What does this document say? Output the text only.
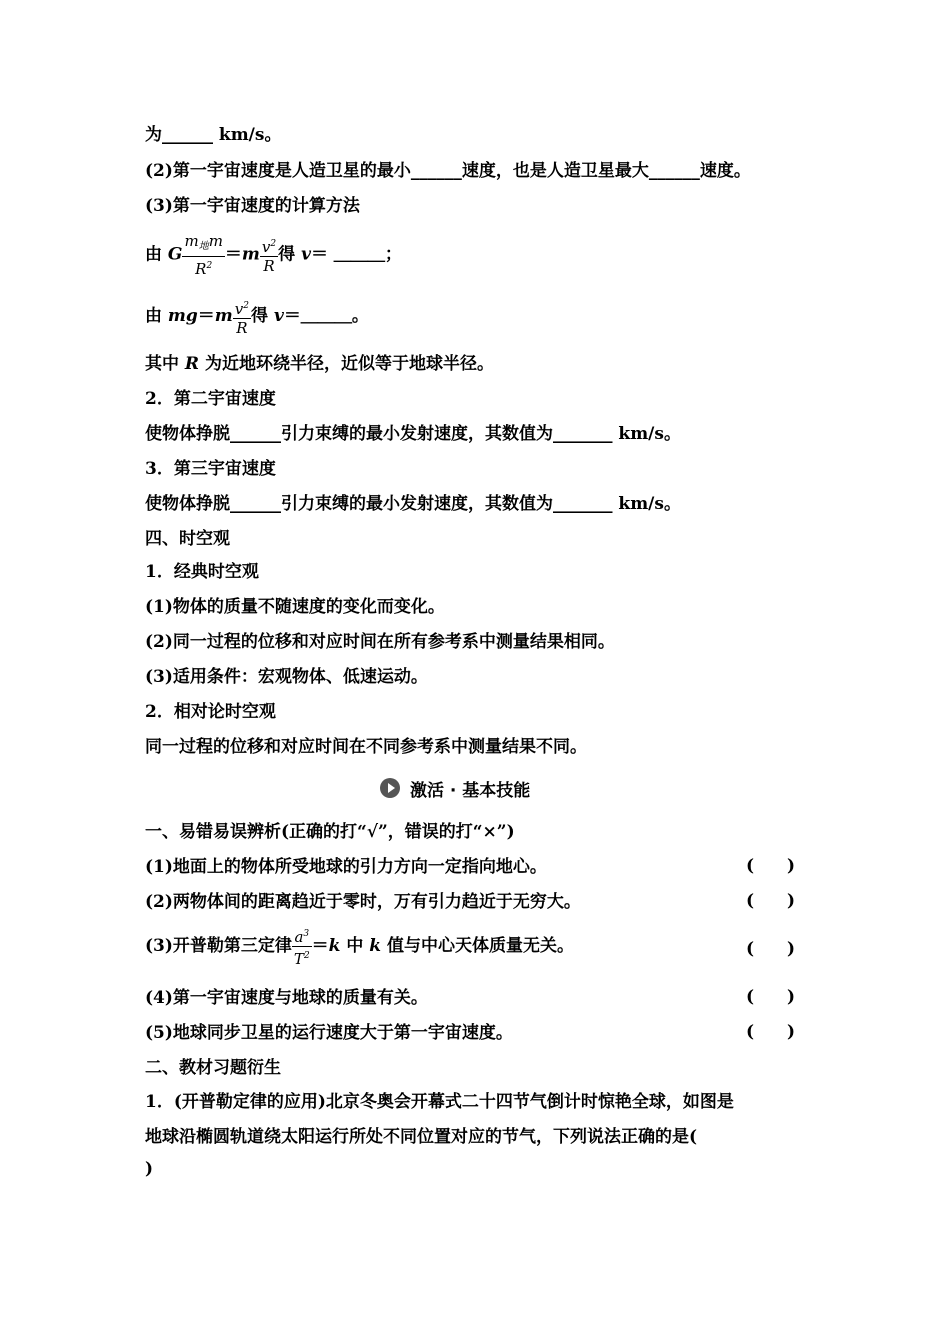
为______ km/s。
(2)第一宇宙速度是人造卫星的最小______速度，也是人造卫星最大______速度。
(3)第一宇宙速度的计算方法
由 G $\frac{m_地m}{R^2} =m \frac{v^2}{R}$ 得 v＝ ＿＿＿；
由 $mg=m \frac{v^2}{R}$ 得 v＝＿＿＿。
其中 R 为近地环绕半径，近似等于地球半径。
2．第二宇宙速度
使物体挣脱______引力束缚的最小发射速度，其数值为_______ km/s。
3．第三宇宙速度
使物体挣脱______引力束缚的最小发射速度，其数值为_______ km/s。
四、时空观
1．经典时空观
(1)物体的质量不随速度的变化而变化。
(2)同一过程的位移和对应时间在所有参考系中测量结果相同。
(3)适用条件：宏观物体、低速运动。
2．相对论时空观
同一过程的位移和对应时间在不同参考系中测量结果不同。
激活 · 基本技能
一、易错易误辨析(正确的打“√”，错误的打“×”)
(1)地面上的物体所受地球的引力方向一定指向地心。	( )
(2)两物体间的距离趋近于零时，万有引力趋近于无穷大。	( )
(3)开普勒第三定律 $\frac{a^3}{T^2} =k$ 中 k 值与中心天体质量无关。	( )
(4)第一宇宙速度与地球的质量有关。	( )
(5)地球同步卫星的运行速度大于第一宇宙速度。	( )
二、教材习题衍生
1．(开普勒定律的应用)北京冬奥会开幕式二十四节气倒计时惊艳全球，如图是
地球沿椭圆轨道绕太阳运行所处不同位置对应的节气，下列说法正确的是(
)
